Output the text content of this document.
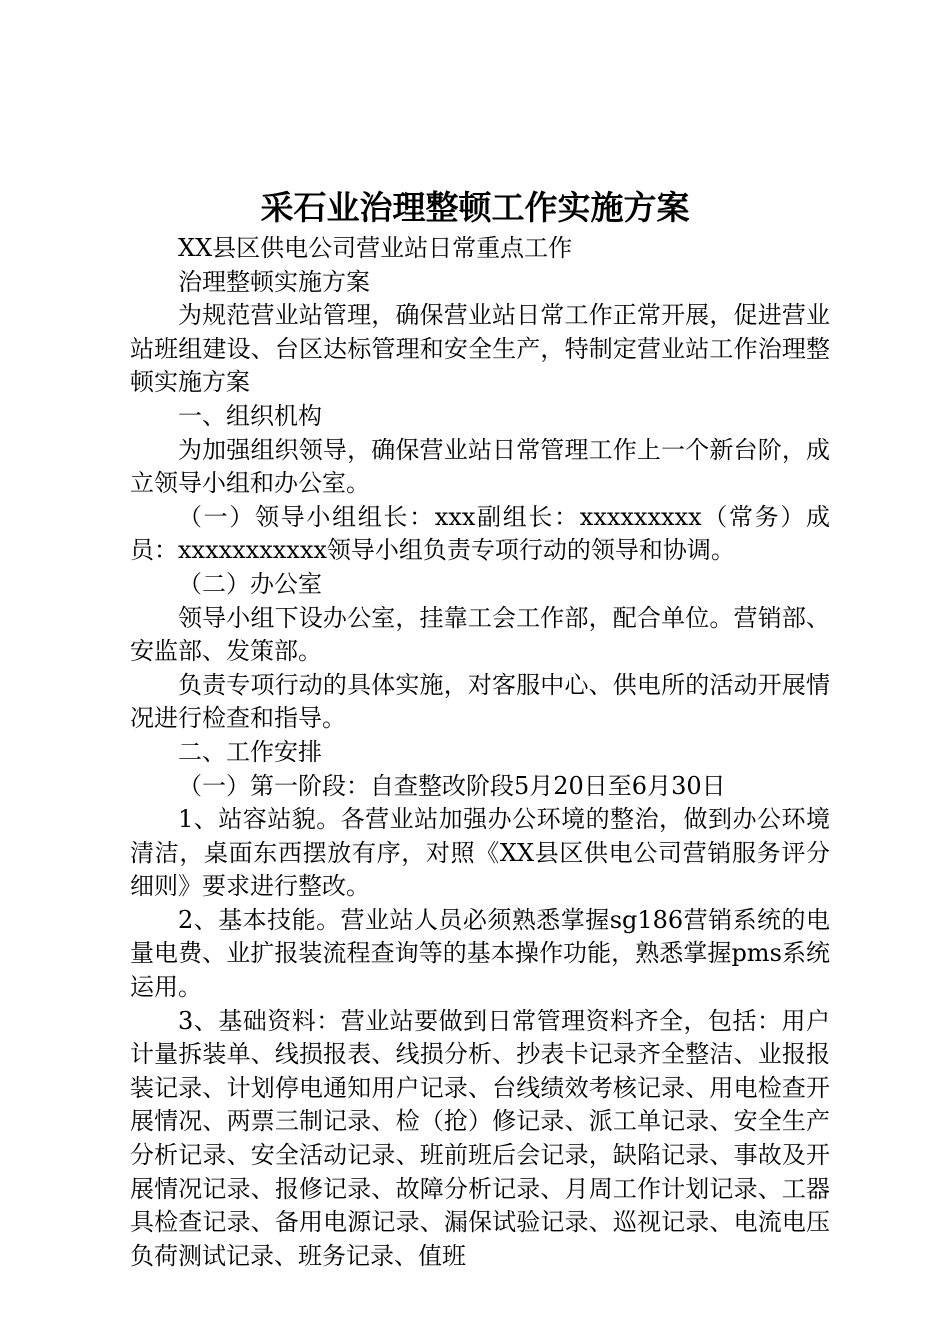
采石业治理整顿工作实施方案

XX县区供电公司营业站日常重点工作

治理整顿实施方案

为规范营业站管理，确保营业站日常工作正常开展，促进营业站班组建设、台区达标管理和安全生产，特制定营业站工作治理整顿实施方案

一、组织机构

为加强组织领导，确保营业站日常管理工作上一个新台阶，成立领导小组和办公室。

（一）领导小组组长：xxx副组长：xxxxxxxxx（常务）成员：xxxxxxxxxxx领导小组负责专项行动的领导和协调。

（二）办公室

领导小组下设办公室，挂靠工会工作部，配合单位。营销部、安监部、发策部。

负责专项行动的具体实施，对客服中心、供电所的活动开展情况进行检查和指导。

二、工作安排

（一）第一阶段：自查整改阶段5月20日至6月30日

1、站容站貌。各营业站加强办公环境的整治，做到办公环境清洁，桌面东西摆放有序，对照《XX县区供电公司营销服务评分细则》要求进行整改。

2、基本技能。营业站人员必须熟悉掌握sg186营销系统的电量电费、业扩报装流程查询等的基本操作功能，熟悉掌握pms系统运用。

3、基础资料：营业站要做到日常管理资料齐全，包括：用户计量拆装单、线损报表、线损分析、抄表卡记录齐全整洁、业报报装记录、计划停电通知用户记录、台线绩效考核记录、用电检查开展情况、两票三制记录、检（抢）修记录、派工单记录、安全生产分析记录、安全活动记录、班前班后会记录，缺陷记录、事故及开展情况记录、报修记录、故障分析记录、月周工作计划记录、工器具检查记录、备用电源记录、漏保试验记录、巡视记录、电流电压负荷测试记录、班务记录、值班
